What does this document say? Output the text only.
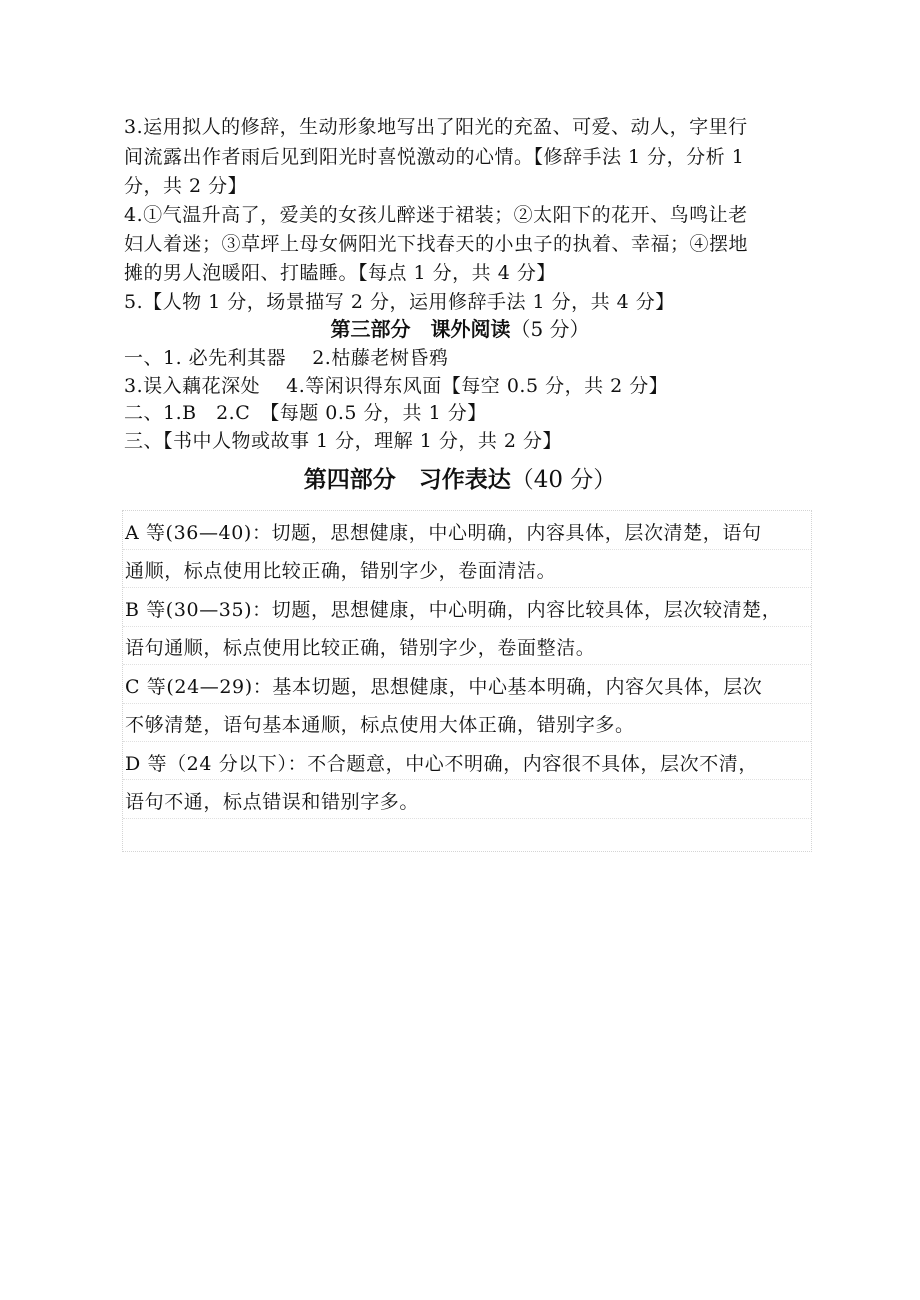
3.运用拟人的修辞，生动形象地写出了阳光的充盈、可爱、动人，字里行
间流露出作者雨后见到阳光时喜悦激动的心情。【修辞手法 1 分，分析 1
分，共 2 分】
4.①气温升高了，爱美的女孩儿醉迷于裙装；②太阳下的花开、鸟鸣让老
妇人着迷；③草坪上母女俩阳光下找春天的小虫子的执着、幸福；④摆地
摊的男人泡暖阳、打瞌睡。【每点 1 分，共 4 分】
5.【人物 1 分，场景描写 2 分，运用修辞手法 1 分，共 4 分】
第三部分　课外阅读（5 分）
一、1. 必先利其器　 2.枯藤老树昏鸦
3.误入藕花深处　 4.等闲识得东风面【每空 0.5 分，共 2 分】
二、1.B　2.C　【每题 0.5 分，共 1 分】
三、【书中人物或故事 1 分，理解 1 分，共 2 分】
第四部分　习作表达（40 分）
A 等(36—40)：切题，思想健康，中心明确，内容具体，层次清楚，语句
通顺，标点使用比较正确，错别字少，卷面清洁。
B 等(30—35)：切题，思想健康，中心明确，内容比较具体，层次较清楚，
语句通顺，标点使用比较正确，错别字少，卷面整洁。
C 等(24—29)：基本切题，思想健康，中心基本明确，内容欠具体，层次
不够清楚，语句基本通顺，标点使用大体正确，错别字多。
D 等（24 分以下）：不合题意，中心不明确，内容很不具体，层次不清，
语句不通，标点错误和错别字多。
